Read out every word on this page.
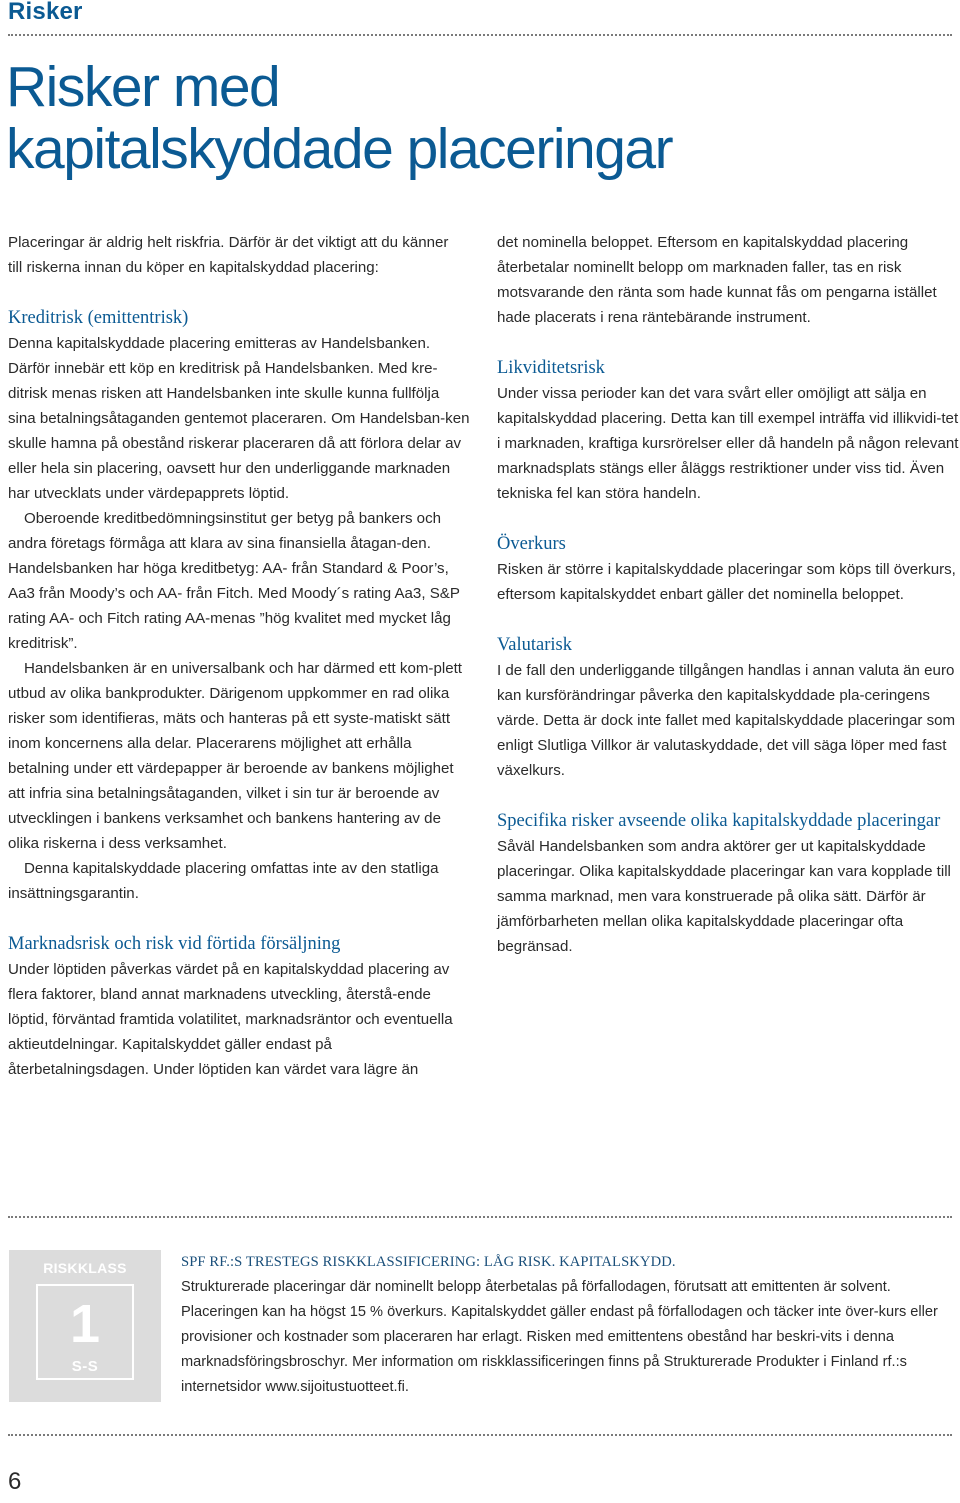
Risker
Risker med
kapitalskyddade placeringar

Placeringar är aldrig helt riskfria. Därför är det viktigt att du känner

till riskerna innan du köper en kapitalskyddad placering:

Kreditrisk (emittentrisk)

Denna kapitalskyddade placering emitteras av Handelsbanken. Därför innebär ett köp en kreditrisk på Handelsbanken. Med kre-ditrisk menas risken att Handelsbanken inte skulle kunna fullfölja sina betalningsåtaganden gentemot placeraren. Om Handelsban-ken skulle hamna på obestånd riskerar placeraren då att förlora delar av eller hela sin placering, oavsett hur den underliggande marknaden har utvecklats under värdepapprets löptid.

Oberoende kreditbedömningsinstitut ger betyg på bankers och andra företags förmåga att klara av sina finansiella åtagan-den. Handelsbanken har höga kreditbetyg: AA- från Standard & Poor’s, Aa3 från Moody’s och AA- från Fitch. Med Moody´s rating Aa3, S&P rating AA- och Fitch rating AA-menas ”hög kvalitet med mycket låg kreditrisk”.

Handelsbanken är en universalbank och har därmed ett kom-plett utbud av olika bankprodukter. Därigenom uppkommer en rad olika risker som identifieras, mäts och hanteras på ett syste-matiskt sätt inom koncernens alla delar. Placerarens möjlighet att erhålla betalning under ett värdepapper är beroende av bankens möjlighet att infria sina betalningsåtaganden, vilket i sin tur är beroende av utvecklingen i bankens verksamhet och bankens hantering av de olika riskerna i dess verksamhet.

Denna kapitalskyddade placering omfattas inte av den statliga insättningsgarantin.

Marknadsrisk och risk vid förtida försäljning

Under löptiden påverkas värdet på en kapitalskyddad placering av flera faktorer, bland annat marknadens utveckling, återstå-ende löptid, förväntad framtida volatilitet, marknadsräntor och eventuella aktieutdelningar. Kapitalskyddet gäller endast på återbetalningsdagen. Under löptiden kan värdet vara lägre än

det nominella beloppet. Eftersom en kapitalskyddad placering återbetalar nominellt belopp om marknaden faller, tas en risk motsvarande den ränta som hade kunnat fås om pengarna istället hade placerats i rena räntebärande instrument.

Likviditetsrisk

Under vissa perioder kan det vara svårt eller omöjligt att sälja en kapitalskyddad placering. Detta kan till exempel inträffa vid illikvidi-tet i marknaden, kraftiga kursrörelser eller då handeln på någon relevant marknadsplats stängs eller åläggs restriktioner under viss tid. Även tekniska fel kan störa handeln.

Överkurs

Risken är större i kapitalskyddade placeringar som köps till överkurs, eftersom kapitalskyddet enbart gäller det nominella beloppet.

Valutarisk

I de fall den underliggande tillgången handlas i annan valuta än euro kan kursförändringar påverka den kapitalskyddade pla-ceringens värde. Detta är dock inte fallet med kapitalskyddade placeringar som enligt Slutliga Villkor är valutaskyddade, det vill säga löper med fast växelkurs.

Specifika risker avseende olika kapitalskyddade placeringar

Såväl Handelsbanken som andra aktörer ger ut kapitalskyddade placeringar. Olika kapitalskyddade placeringar kan vara kopplade till samma marknad, men vara konstruerade på olika sätt. Därför är jämförbarheten mellan olika kapitalskyddade placeringar ofta begränsad.

RISKKLASS
1
S-S
SPF RF.:S TRESTEGS RISKKLASSIFICERING: LÅG RISK. KAPITALSKYDD.
Strukturerade placeringar där nominellt belopp återbetalas på förfallodagen, förutsatt att emittenten är solvent. Placeringen kan ha högst 15 % överkurs. Kapitalskyddet gäller endast på förfallodagen och täcker inte över-kurs eller provisioner och kostnader som placeraren har erlagt. Risken med emittentens obestånd har beskri-vits i denna marknadsföringsbroschyr. Mer information om riskklassificeringen finns på Strukturerade Produkter i Finland rf.:s internetsidor www.sijoitustuotteet.fi.
6
